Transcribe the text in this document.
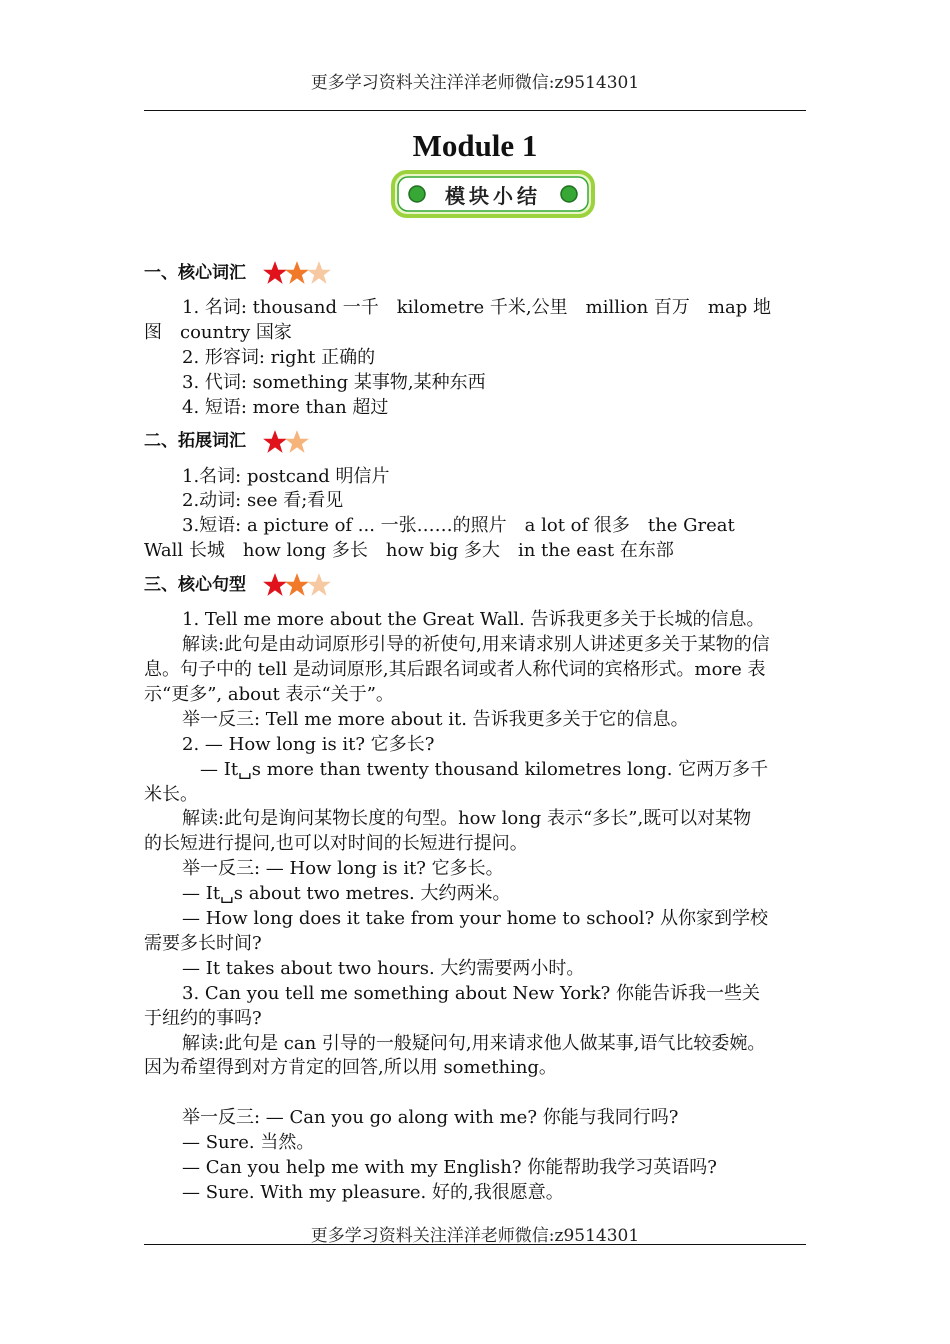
更多学习资料关注洋洋老师微信:z9514301
Module 1
模块小结
一、核心词汇

1. 名词: thousand 一千　kilometre 千米,公里　million 百万　map 地

图　country 国家

2. 形容词: right 正确的

3. 代词: something 某事物,某种东西

4. 短语: more than 超过

二、拓展词汇

1.名词: postcand 明信片

2.动词: see 看;看见

3.短语: a picture of ... 一张……的照片　a lot of 很多　the Great

Wall 长城　how long 多长　how big 多大　in the east 在东部

三、核心句型

1. Tell me more about the Great Wall. 告诉我更多关于长城的信息。

解读:此句是由动词原形引导的祈使句,用来请求别人讲述更多关于某物的信

息。句子中的 tell 是动词原形,其后跟名词或者人称代词的宾格形式。more 表

示“更多”, about 表示“关于”。

举一反三: Tell me more about it. 告诉我更多关于它的信息。

2. — How long is it? 它多长?

　— It␣s more than twenty thousand kilometres long. 它两万多千

米长。

解读:此句是询问某物长度的句型。how long 表示“多长”,既可以对某物

的长短进行提问,也可以对时间的长短进行提问。

举一反三: — How long is it? 它多长。

— It␣s about two metres. 大约两米。

— How long does it take from your home to school? 从你家到学校

需要多长时间?

— It takes about two hours. 大约需要两小时。

3. Can you tell me something about New York? 你能告诉我一些关

于纽约的事吗?

解读:此句是 can 引导的一般疑问句,用来请求他人做某事,语气比较委婉。

因为希望得到对方肯定的回答,所以用 something。

举一反三: — Can you go along with me? 你能与我同行吗?

— Sure. 当然。

— Can you help me with my English? 你能帮助我学习英语吗?

— Sure. With my pleasure. 好的,我很愿意。

更多学习资料关注洋洋老师微信:z9514301
